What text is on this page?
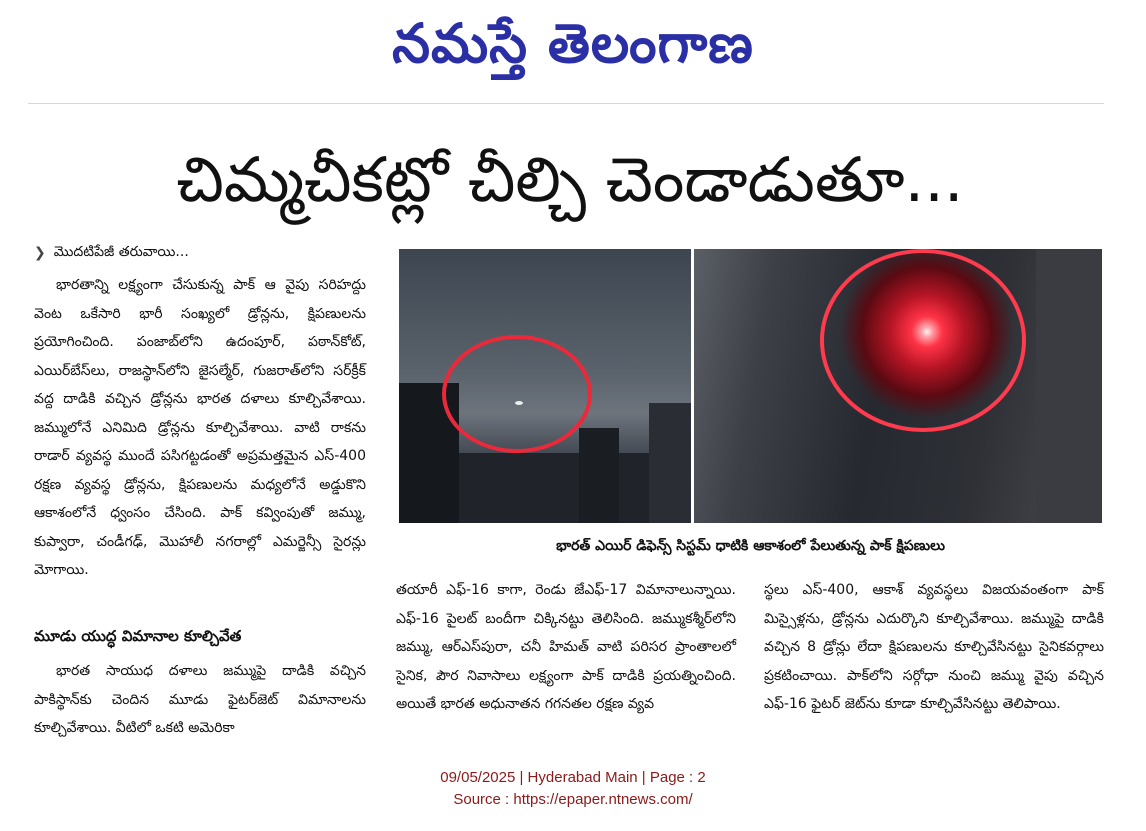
నమస్తే తెలంగాణ
చిమ్మచీకట్లో చీల్చి చెండాడుతూ...
❯ మొదటిపేజీ తరువాయి...

భారతాన్ని లక్ష్యంగా చేసుకున్న పాక్ ఆ వైపు సరిహద్దు వెంట ఒకేసారి భారీ సంఖ్యలో డ్రోన్లను, క్షిపణులను ప్రయోగించింది. పంజాబ్‌లోని ఉదంపూర్, పఠాన్‌కోట్, ఎయిర్‌బేస్‌లు, రాజస్థాన్‌లోని జైసల్మేర్, గుజరాత్‌లోని సర్‌క్రీక్ వద్ద దాడికి వచ్చిన డ్రోన్లను భారత దళాలు కూల్చివేశాయి. జమ్ములోనే ఎనిమిది డ్రోన్లను కూల్చివేశాయి. వాటి రాకను రాడార్ వ్యవస్థ ముందే పసిగట్టడంతో అప్రమత్తమైన ఎస్-400 రక్షణ వ్యవస్థ డ్రోన్లను, క్షిపణులను మధ్యలోనే అడ్డుకొని ఆకాశంలోనే ధ్వంసం చేసింది. పాక్ కవ్వింపుతో జమ్ము, కుప్వారా, చండీగఢ్, మొహాలీ నగరాల్లో ఎమర్జెన్సీ సైరన్లు మోగాయి.

మూడు యుద్ధ విమానాల కూల్చివేత

భారత సాయుధ దళాలు జమ్ముపై దాడికి వచ్చిన పాకిస్థాన్‌కు చెందిన మూడు ఫైటర్‌జెట్ విమానాలను కూల్చివేశాయి. వీటిలో ఒకటి అమెరికా

భారత్ ఎయిర్ డిఫెన్స్ సిస్టమ్ ధాటికి ఆకాశంలో పేలుతున్న పాక్ క్షిపణులు

తయారీ ఎఫ్-16 కాగా, రెండు జేఎఫ్-17 విమానాలున్నాయి. ఎఫ్-16 పైలట్ బందీగా చిక్కినట్టు తెలిసింది. జమ్ముకశ్మీర్‌లోని జమ్ము, ఆర్‌ఎస్‌పురా, చనీ హిమత్ వాటి పరిసర ప్రాంతాలలో సైనిక, పౌర నివాసాలు లక్ష్యంగా పాక్ దాడికి ప్రయత్నించింది. అయితే భారత అధునాతన గగనతల రక్షణ వ్యవ

స్థలు ఎస్-400, ఆకాశ్ వ్యవస్థలు విజయవంతంగా పాక్ మిస్సైళ్లను, డ్రోన్లను ఎదుర్కొని కూల్చివేశాయి. జమ్ముపై దాడికి వచ్చిన 8 డ్రోన్లు లేదా క్షిపణులను కూల్చివేసినట్టు సైనికవర్గాలు ప్రకటించాయి. పాక్‌లోని సర్గోధా నుంచి జమ్ము వైపు వచ్చిన ఎఫ్-16 ఫైటర్ జెట్‌ను కూడా కూల్చివేసినట్టు తెలిపాయి.

09/05/2025 | Hyderabad Main | Page : 2
Source : https://epaper.ntnews.com/
